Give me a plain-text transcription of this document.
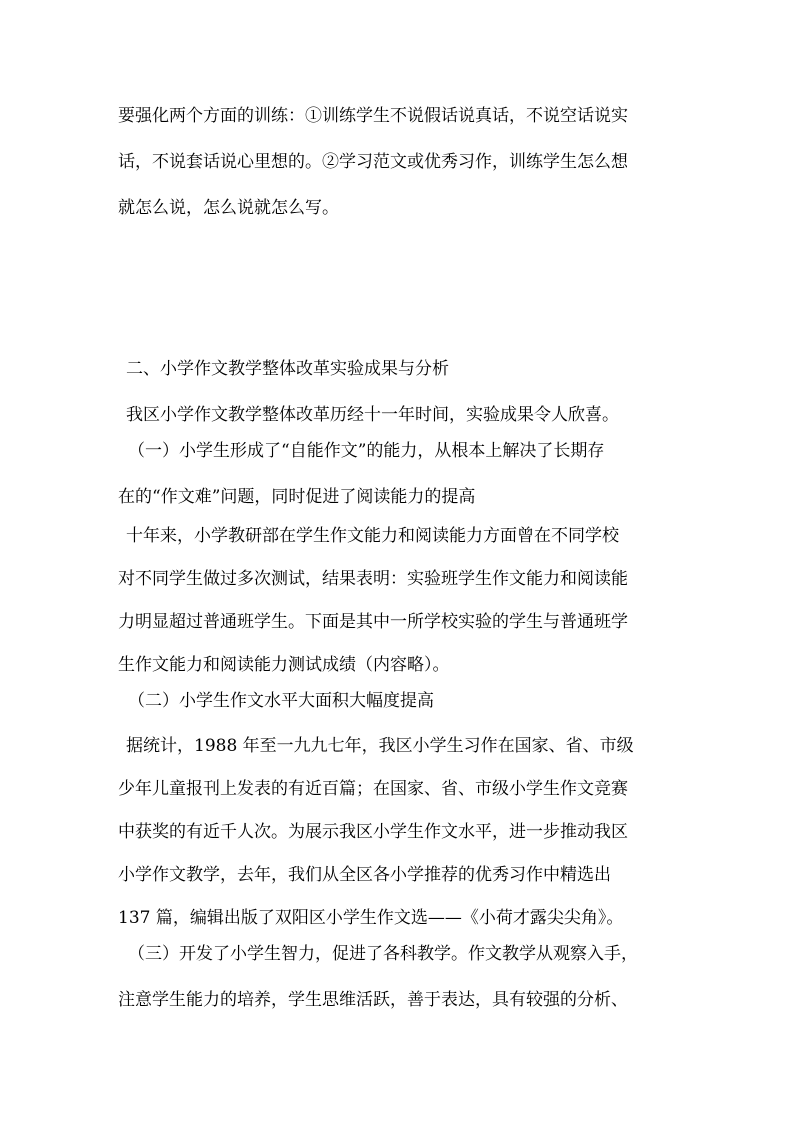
要强化两个方面的训练：①训练学生不说假话说真话，不说空话说实
话，不说套话说心里想的。②学习范文或优秀习作，训练学生怎么想
就怎么说，怎么说就怎么写。
二、小学作文教学整体改革实验成果与分析
我区小学作文教学整体改革历经十一年时间，实验成果令人欣喜。
（一）小学生形成了“自能作文”的能力，从根本上解决了长期存
在的“作文难”问题，同时促进了阅读能力的提高
十年来，小学教研部在学生作文能力和阅读能力方面曾在不同学校
对不同学生做过多次测试，结果表明：实验班学生作文能力和阅读能
力明显超过普通班学生。下面是其中一所学校实验的学生与普通班学
生作文能力和阅读能力测试成绩（内容略）。
（二）小学生作文水平大面积大幅度提高
据统计，1988 年至一九九七年，我区小学生习作在国家、省、市级
少年儿童报刊上发表的有近百篇；在国家、省、市级小学生作文竞赛
中获奖的有近千人次。为展示我区小学生作文水平，进一步推动我区
小学作文教学，去年，我们从全区各小学推荐的优秀习作中精选出
137 篇，编辑出版了双阳区小学生作文选——《小荷才露尖尖角》。
（三）开发了小学生智力，促进了各科教学。作文教学从观察入手，
注意学生能力的培养，学生思维活跃，善于表达，具有较强的分析、
